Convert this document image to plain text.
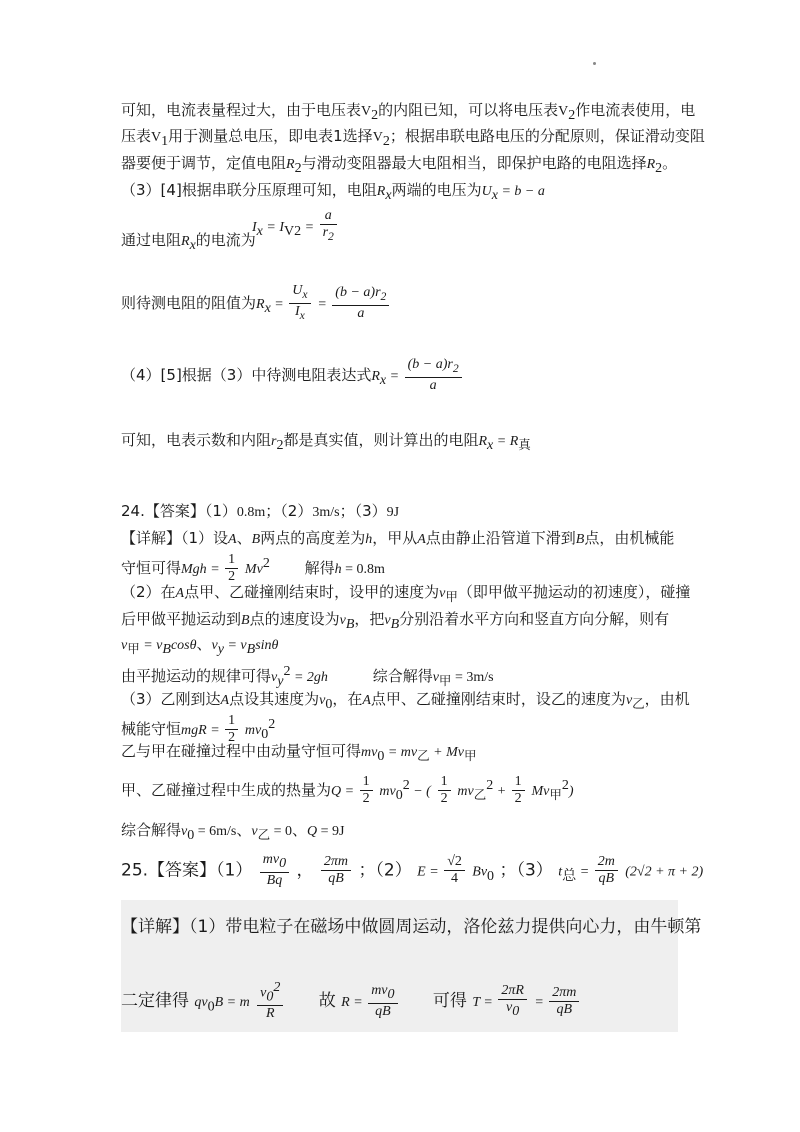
可知，电流表量程过大，由于电压表$V_2$的内阻已知，可以将电压表$V_2$作电流表使用，电
压表$V_1$用于测量总电压，即电表1选择$V_2$；根据串联电路电压的分配原则，保证滑动变阻
器要便于调节，定值电阻$R_2$与滑动变阻器最大电阻相当，即保护电路的电阻选择$R_2$。
（3）[4]根据串联分压原理可知，电阻$R_x$两端的电压为$U_x = b - a$
$I_x = I_{V2} = \frac{a}{r_2}$
通过电阻$R_x$的电流为
则待测电阻的阻值为$R_x = \frac{U_x}{I_x} = \frac{(b - a)r_2}{a}$
（4）[5]根据（3）中待测电阻表达式$R_x = \frac{(b - a)r_2}{a}$
可知，电表示数和内阻$r_2$都是真实值，则计算出的电阻$R_x = R_真$
24.【答案】（1）0.8m；（2）3m/s；（3）9J
【详解】（1）设A、B两点的高度差为h，甲从A点由静止沿管道下滑到B点，由机械能
守恒可得Mgh = $\frac{1}{2} Mv^2$ 解得h = 0.8m
（2）在A点甲、乙碰撞刚结束时，设甲的速度为$v_甲$（即甲做平抛运动的初速度），碰撞
后甲做平抛运动到B点的速度设为$v_B$，把$v_B$分别沿着水平方向和竖直方向分解，则有
$v_甲 = v_B\cos\theta$、$v_y = v_B\sin\theta$
由平抛运动的规律可得$v_y^2 = 2gh$	综合解得$v_甲 = 3m/s$
（3）乙刚到达A点设其速度为$v_0$，在A点甲、乙碰撞刚结束时，设乙的速度为$v_乙$，由机
械能守恒mgR = $\frac{1}{2} mv_0^2$
乙与甲在碰撞过程中由动量守恒可得$mv_0 = mv_乙 + Mv_甲$
甲、乙碰撞过程中生成的热量为$Q = \frac{1}{2} mv_0^2$ − ( $\frac{1}{2} mv_乙^2 + \frac{1}{2} Mv_甲^2$)
综合解得$v_0 = 6m/s$、$v_乙 = 0$、Q = 9J
25.【答案】$(1) \frac{mv_0}{Bq}$ ， $\frac{2\pi m}{qB}$ ；（2） $E = \frac{√2}{4} Bv_0$ ；（3） $t_总 = \frac{2m}{qB} (2√2 + \pi + 2)$
【详解】（1）带电粒子在磁场中做圆周运动，洛伦兹力提供向心力，由牛顿第
二定律得 $qv_0B = m \frac{v_0^2}{R}$ 故 $R = \frac{mv_0}{qB}$ 可得 $T = \frac{2\pi R}{v_0} = \frac{2\pi m}{qB}$
